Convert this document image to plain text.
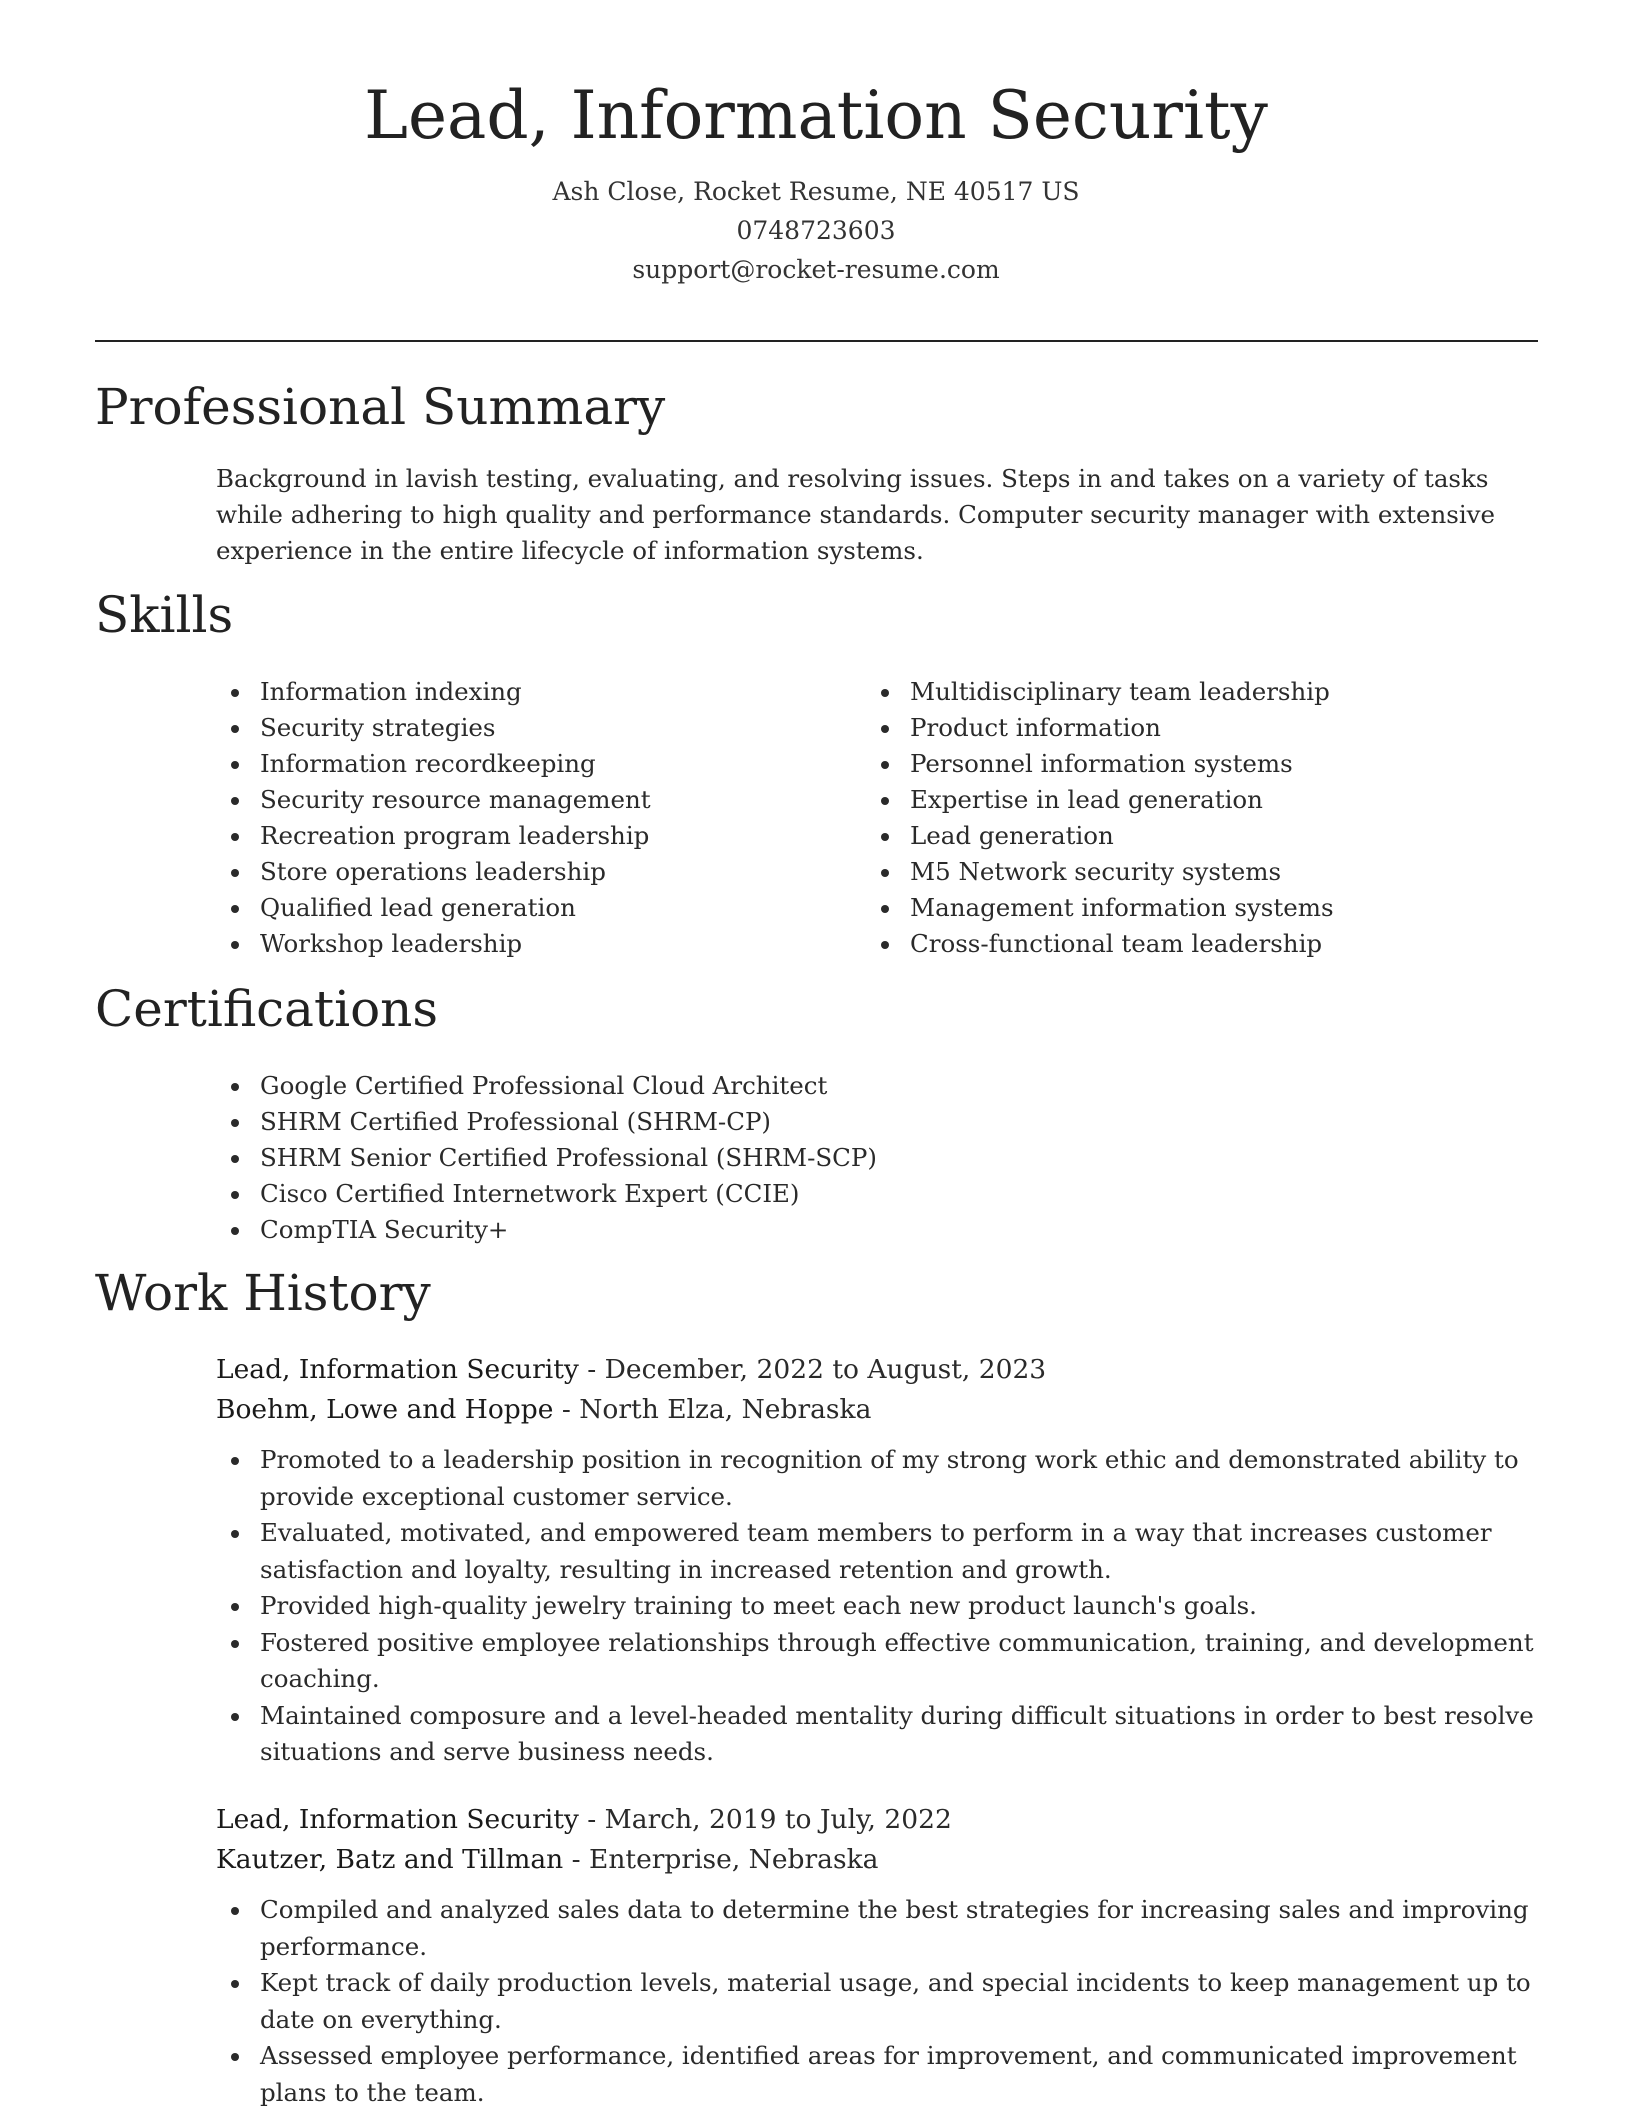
Lead, Information Security
Ash Close, Rocket Resume, NE 40517 US
0748723603
support@rocket-resume.com
Professional Summary

Background in lavish testing, evaluating, and resolving issues. Steps in and takes on a variety of tasks while adhering to high quality and performance standards. Computer security manager with extensive experience in the entire lifecycle of information systems.

Skills
Information indexing
Security strategies
Information recordkeeping
Security resource management
Recreation program leadership
Store operations leadership
Qualified lead generation
Workshop leadership
Multidisciplinary team leadership
Product information
Personnel information systems
Expertise in lead generation
Lead generation
M5 Network security systems
Management information systems
Cross-functional team leadership
Certifications
Google Certified Professional Cloud Architect
SHRM Certified Professional (SHRM-CP)
SHRM Senior Certified Professional (SHRM-SCP)
Cisco Certified Internetwork Expert (CCIE)
CompTIA Security+
Work History
Lead, Information Security - December, 2022 to August, 2023
Boehm, Lowe and Hoppe - North Elza, Nebraska
Promoted to a leadership position in recognition of my strong work ethic and demonstrated ability to provide exceptional customer service.
Evaluated, motivated, and empowered team members to perform in a way that increases customer satisfaction and loyalty, resulting in increased retention and growth.
Provided high-quality jewelry training to meet each new product launch's goals.
Fostered positive employee relationships through effective communication, training, and development coaching.
Maintained composure and a level-headed mentality during difficult situations in order to best resolve situations and serve business needs.
Lead, Information Security - March, 2019 to July, 2022
Kautzer, Batz and Tillman - Enterprise, Nebraska
Compiled and analyzed sales data to determine the best strategies for increasing sales and improving performance.
Kept track of daily production levels, material usage, and special incidents to keep management up to date on everything.
Assessed employee performance, identified areas for improvement, and communicated improvement plans to the team.
